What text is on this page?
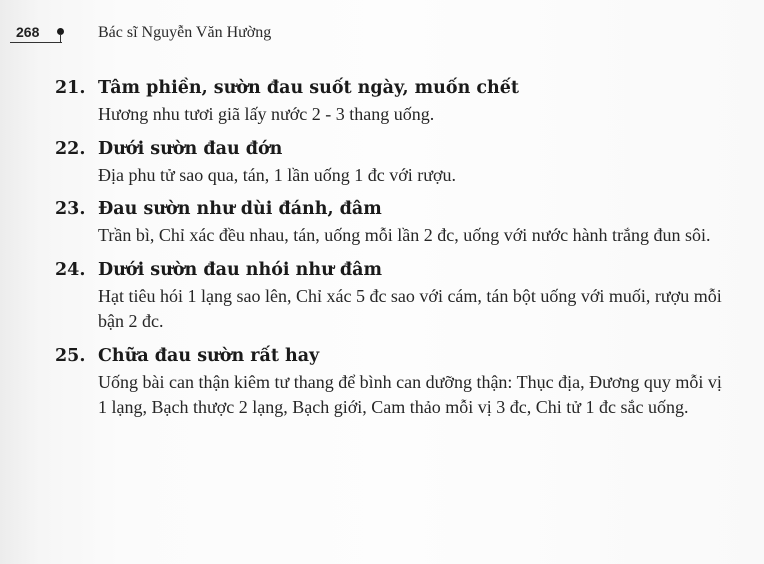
268	Bác sĩ Nguyễn Văn Hường
21. Tâm phiền, sườn đau suốt ngày, muốn chết
Hương nhu tươi giã lấy nước 2 - 3 thang uống.
22. Dưới sườn đau đớn
Địa phu tử sao qua, tán, 1 lần uống 1 đc với rượu.
23. Đau sườn như dùi đánh, đâm
Trần bì, Chỉ xác đều nhau, tán, uống mỗi lần 2 đc, uống với nước hành trắng đun sôi.
24. Dưới sườn đau nhói như đâm
Hạt tiêu hói 1 lạng sao lên, Chỉ xác 5 đc sao với cám, tán bột uống với muối, rượu mỗi bận 2 đc.
25. Chữa đau sườn rất hay
Uống bài can thận kiêm tư thang để bình can dưỡng thận: Thục địa, Đương quy mỗi vị 1 lạng, Bạch thược 2 lạng, Bạch giới, Cam thảo mỗi vị 3 đc, Chi tử 1 đc sắc uống.
